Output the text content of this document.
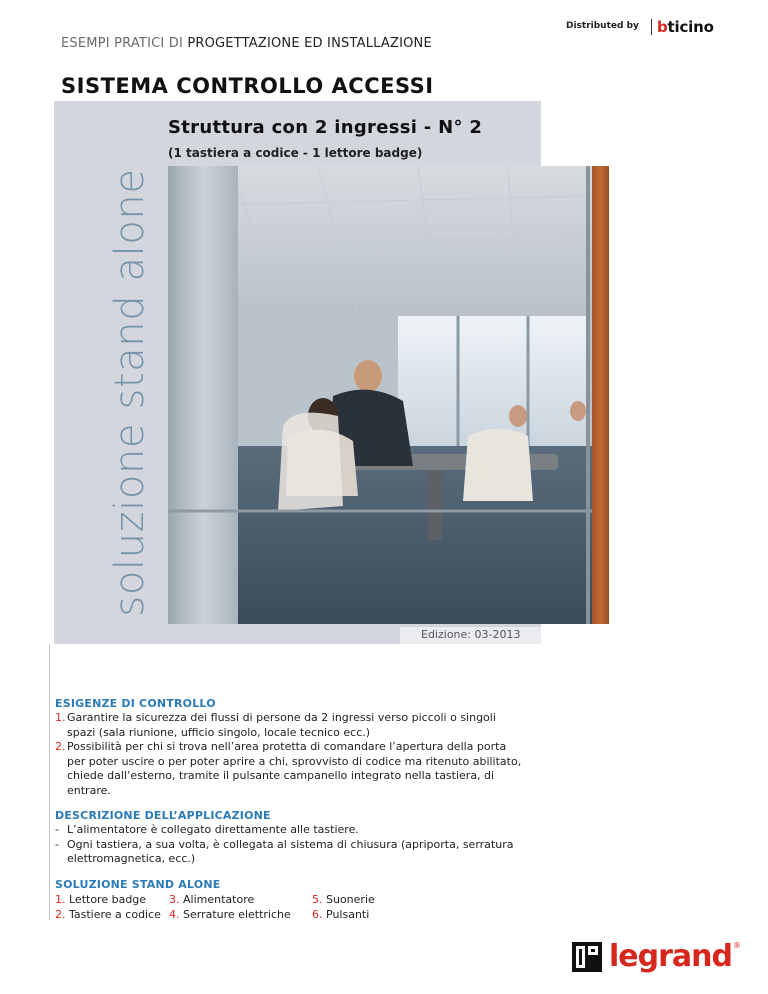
Distributed by bticino
ESEMPI PRATICI DI PROGETTAZIONE ED INSTALLAZIONE
SISTEMA CONTROLLO ACCESSI
soluzione stand alone
Struttura con 2 ingressi - N° 2
(1 tastiera a codice - 1 lettore badge)
Edizione: 03-2013
ESIGENZE DI CONTROLLO
1. Garantire la sicurezza dei flussi di persone da 2 ingressi verso piccoli o singoli spazi (sala riunione, ufficio singolo, locale tecnico ecc.)
2. Possibilità per chi si trova nell’area protetta di comandare l’apertura della porta per poter uscire o per poter aprire a chi, sprovvisto di codice ma ritenuto abilitato, chiede dall’esterno, tramite il pulsante campanello integrato nella tastiera, di entrare.
DESCRIZIONE DELL’APPLICAZIONE
- L’alimentatore è collegato direttamente alle tastiere.
- Ogni tastiera, a sua volta, è collegata al sistema di chiusura (apriporta, serratura elettromagnetica, ecc.)
SOLUZIONE STAND ALONE
1. Lettore badge
2. Tastiere a codice
3. Alimentatore
4. Serrature elettriche
5. Suonerie
6. Pulsanti
legrand ®
